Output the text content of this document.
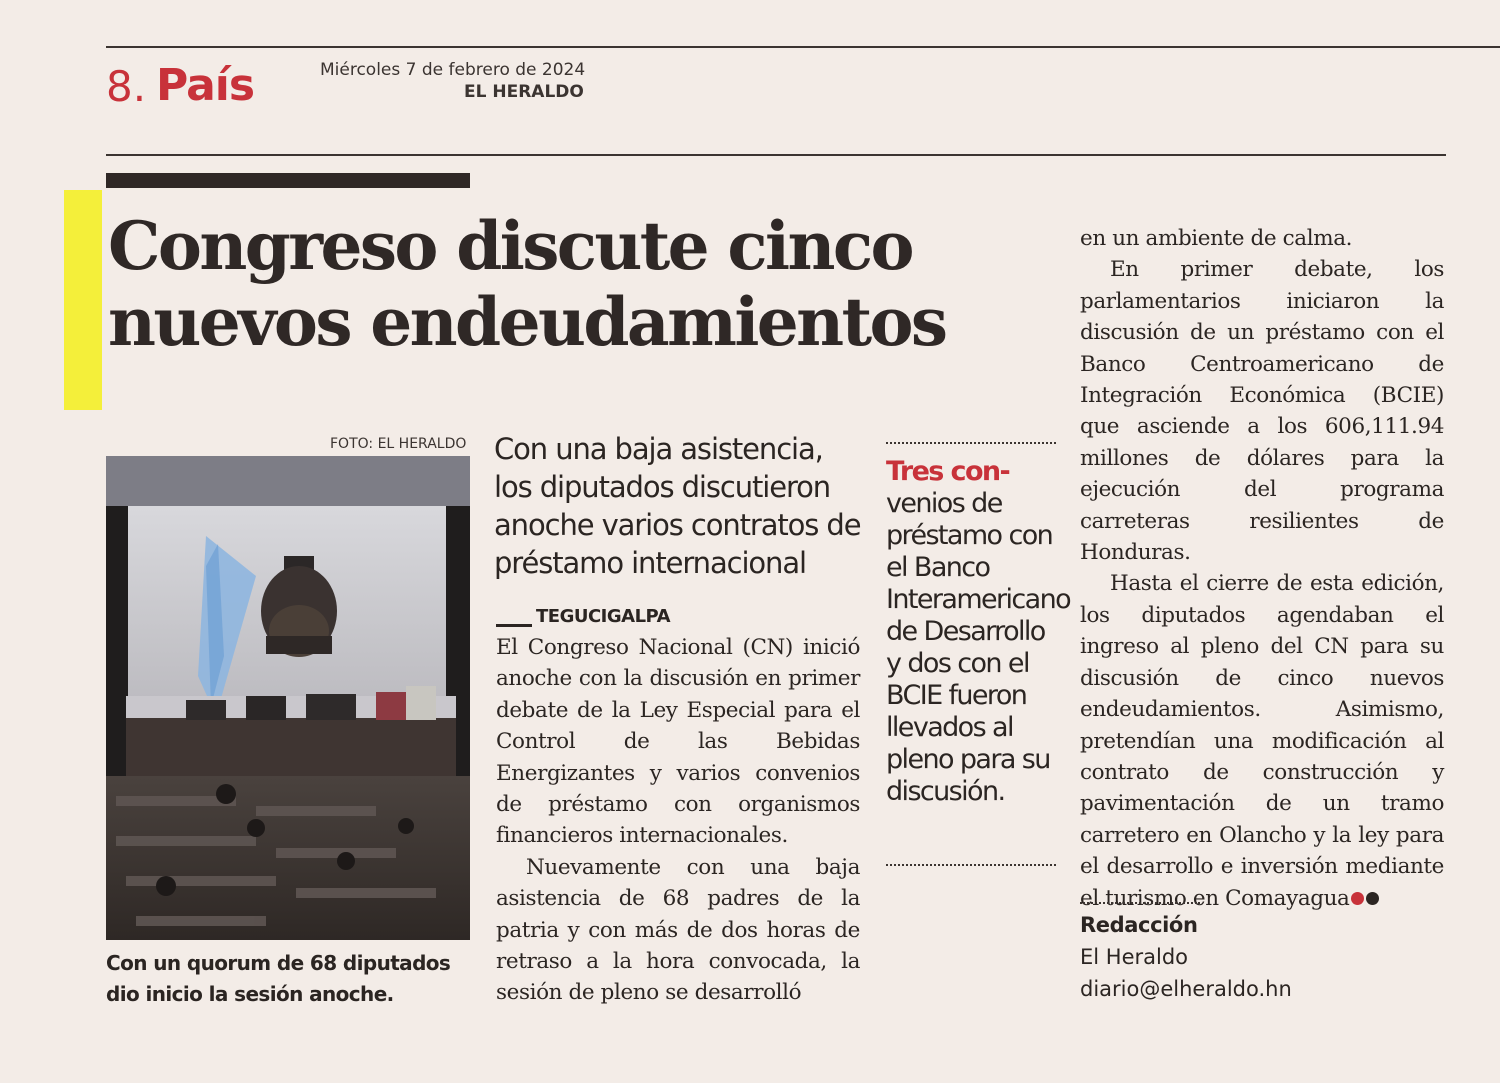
8. País	Miércoles 7 de febrero de 2024
EL HERALDO
Congreso discute cinco
nuevos endeudamientos
FOTO: EL HERALDO
Con un quorum de 68 diputados dio inicio la sesión anoche.
Con una baja asistencia, los diputados discutieron anoche varios contratos de préstamo internacional
TEGUCIGALPA

El Congreso Nacional (CN) inició anoche con la discusión en primer debate de la Ley Especial para el Control de las Bebidas Energizantes y varios convenios de préstamo con organismos financieros internacionales.

Nuevamente con una baja asistencia de 68 padres de la patria y con más de dos horas de retraso a la hora convocada, la sesión de pleno se desarrolló

Tres con- venios de préstamo con el Banco Interamericano de Desarrollo y dos con el BCIE fueron llevados al pleno para su discusión.

en un ambiente de calma.

En primer debate, los parlamentarios iniciaron la discusión de un préstamo con el Banco Centroamericano de Integración Económica (BCIE) que asciende a los 606,111.94 millones de dólares para la ejecución del programa carreteras resilientes de Honduras.

Hasta el cierre de esta edición, los diputados agendaban el ingreso al pleno del CN para su discusión de cinco nuevos endeudamientos. Asimismo, pretendían una modificación al contrato de construcción y pavimentación de un tramo carretero en Olancho y la ley para el desarrollo e inversión mediante el turismo en Comayagua

Redacción
El Heraldo
diario@elheraldo.hn
